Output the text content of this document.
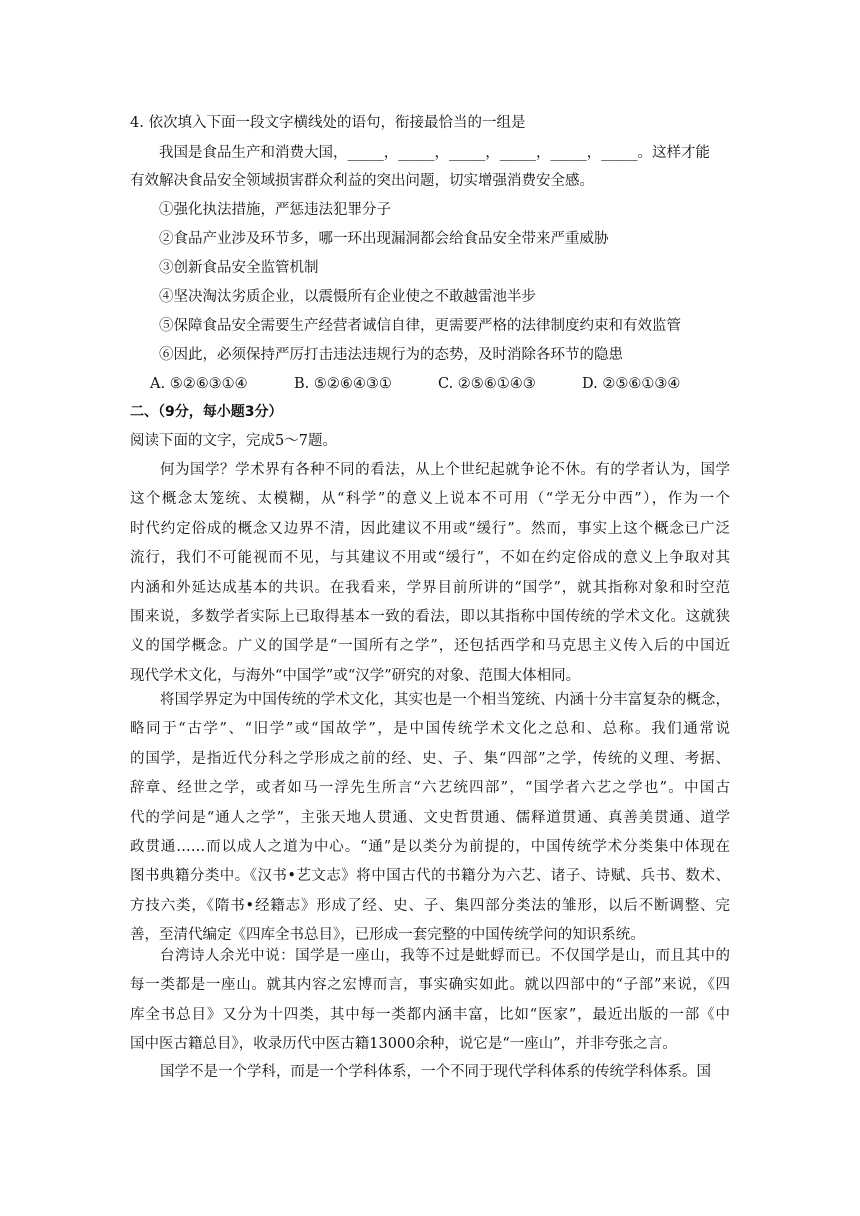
4. 依次填入下面一段文字横线处的语句，衔接最恰当的一组是
我国是食品生产和消费大国，_____，_____，_____，_____，_____，_____。这样才能
有效解决食品安全领域损害群众利益的突出问题，切实增强消费安全感。
①强化执法措施，严惩违法犯罪分子
②食品产业涉及环节多，哪一环出现漏洞都会给食品安全带来严重威胁
③创新食品安全监管机制
④坚决淘汰劣质企业，以震慑所有企业使之不敢越雷池半步
⑤保障食品安全需要生产经营者诚信自律，更需要严格的法律制度约束和有效监管
⑥因此，必须保持严厉打击违法违规行为的态势，及时消除各环节的隐患
A. ⑤②⑥③①④	B. ⑤②⑥④③①	C. ②⑤⑥①④③	D. ②⑤⑥①③④
二、（9分，每小题3分）
阅读下面的文字，完成5～7题。
何为国学？学术界有各种不同的看法，从上个世纪起就争论不休。有的学者认为，国学
这个概念太笼统、太模糊，从“科学”的意义上说本不可用（“学无分中西”），作为一个
时代约定俗成的概念又边界不清，因此建议不用或“缓行”。然而，事实上这个概念已广泛
流行，我们不可能视而不见，与其建议不用或“缓行”，不如在约定俗成的意义上争取对其
内涵和外延达成基本的共识。在我看来，学界目前所讲的“国学”，就其指称对象和时空范
围来说，多数学者实际上已取得基本一致的看法，即以其指称中国传统的学术文化。这就狭
义的国学概念。广义的国学是“一国所有之学”，还包括西学和马克思主义传入后的中国近
现代学术文化，与海外“中国学”或“汉学”研究的对象、范围大体相同。
将国学界定为中国传统的学术文化，其实也是一个相当笼统、内涵十分丰富复杂的概念，
略同于“古学”、“旧学”或“国故学”，是中国传统学术文化之总和、总称。我们通常说
的国学，是指近代分科之学形成之前的经、史、子、集“四部”之学，传统的义理、考据、
辞章、经世之学，或者如马一浮先生所言“六艺统四部”，“国学者六艺之学也”。中国古
代的学问是“通人之学”，主张天地人贯通、文史哲贯通、儒释道贯通、真善美贯通、道学
政贯通……而以成人之道为中心。“通”是以类分为前提的，中国传统学术分类集中体现在
图书典籍分类中。《汉书•艺文志》将中国古代的书籍分为六艺、诸子、诗赋、兵书、数术、
方技六类，《隋书•经籍志》形成了经、史、子、集四部分类法的雏形，以后不断调整、完
善，至清代编定《四库全书总目》，已形成一套完整的中国传统学问的知识系统。
台湾诗人余光中说：国学是一座山，我等不过是蚍蜉而已。不仅国学是山，而且其中的
每一类都是一座山。就其内容之宏博而言，事实确实如此。就以四部中的“子部”来说，《四
库全书总目》又分为十四类，其中每一类都内涵丰富，比如“医家”，最近出版的一部《中
国中医古籍总目》，收录历代中医古籍13000余种，说它是“一座山”，并非夸张之言。
国学不是一个学科，而是一个学科体系，一个不同于现代学科体系的传统学科体系。国
